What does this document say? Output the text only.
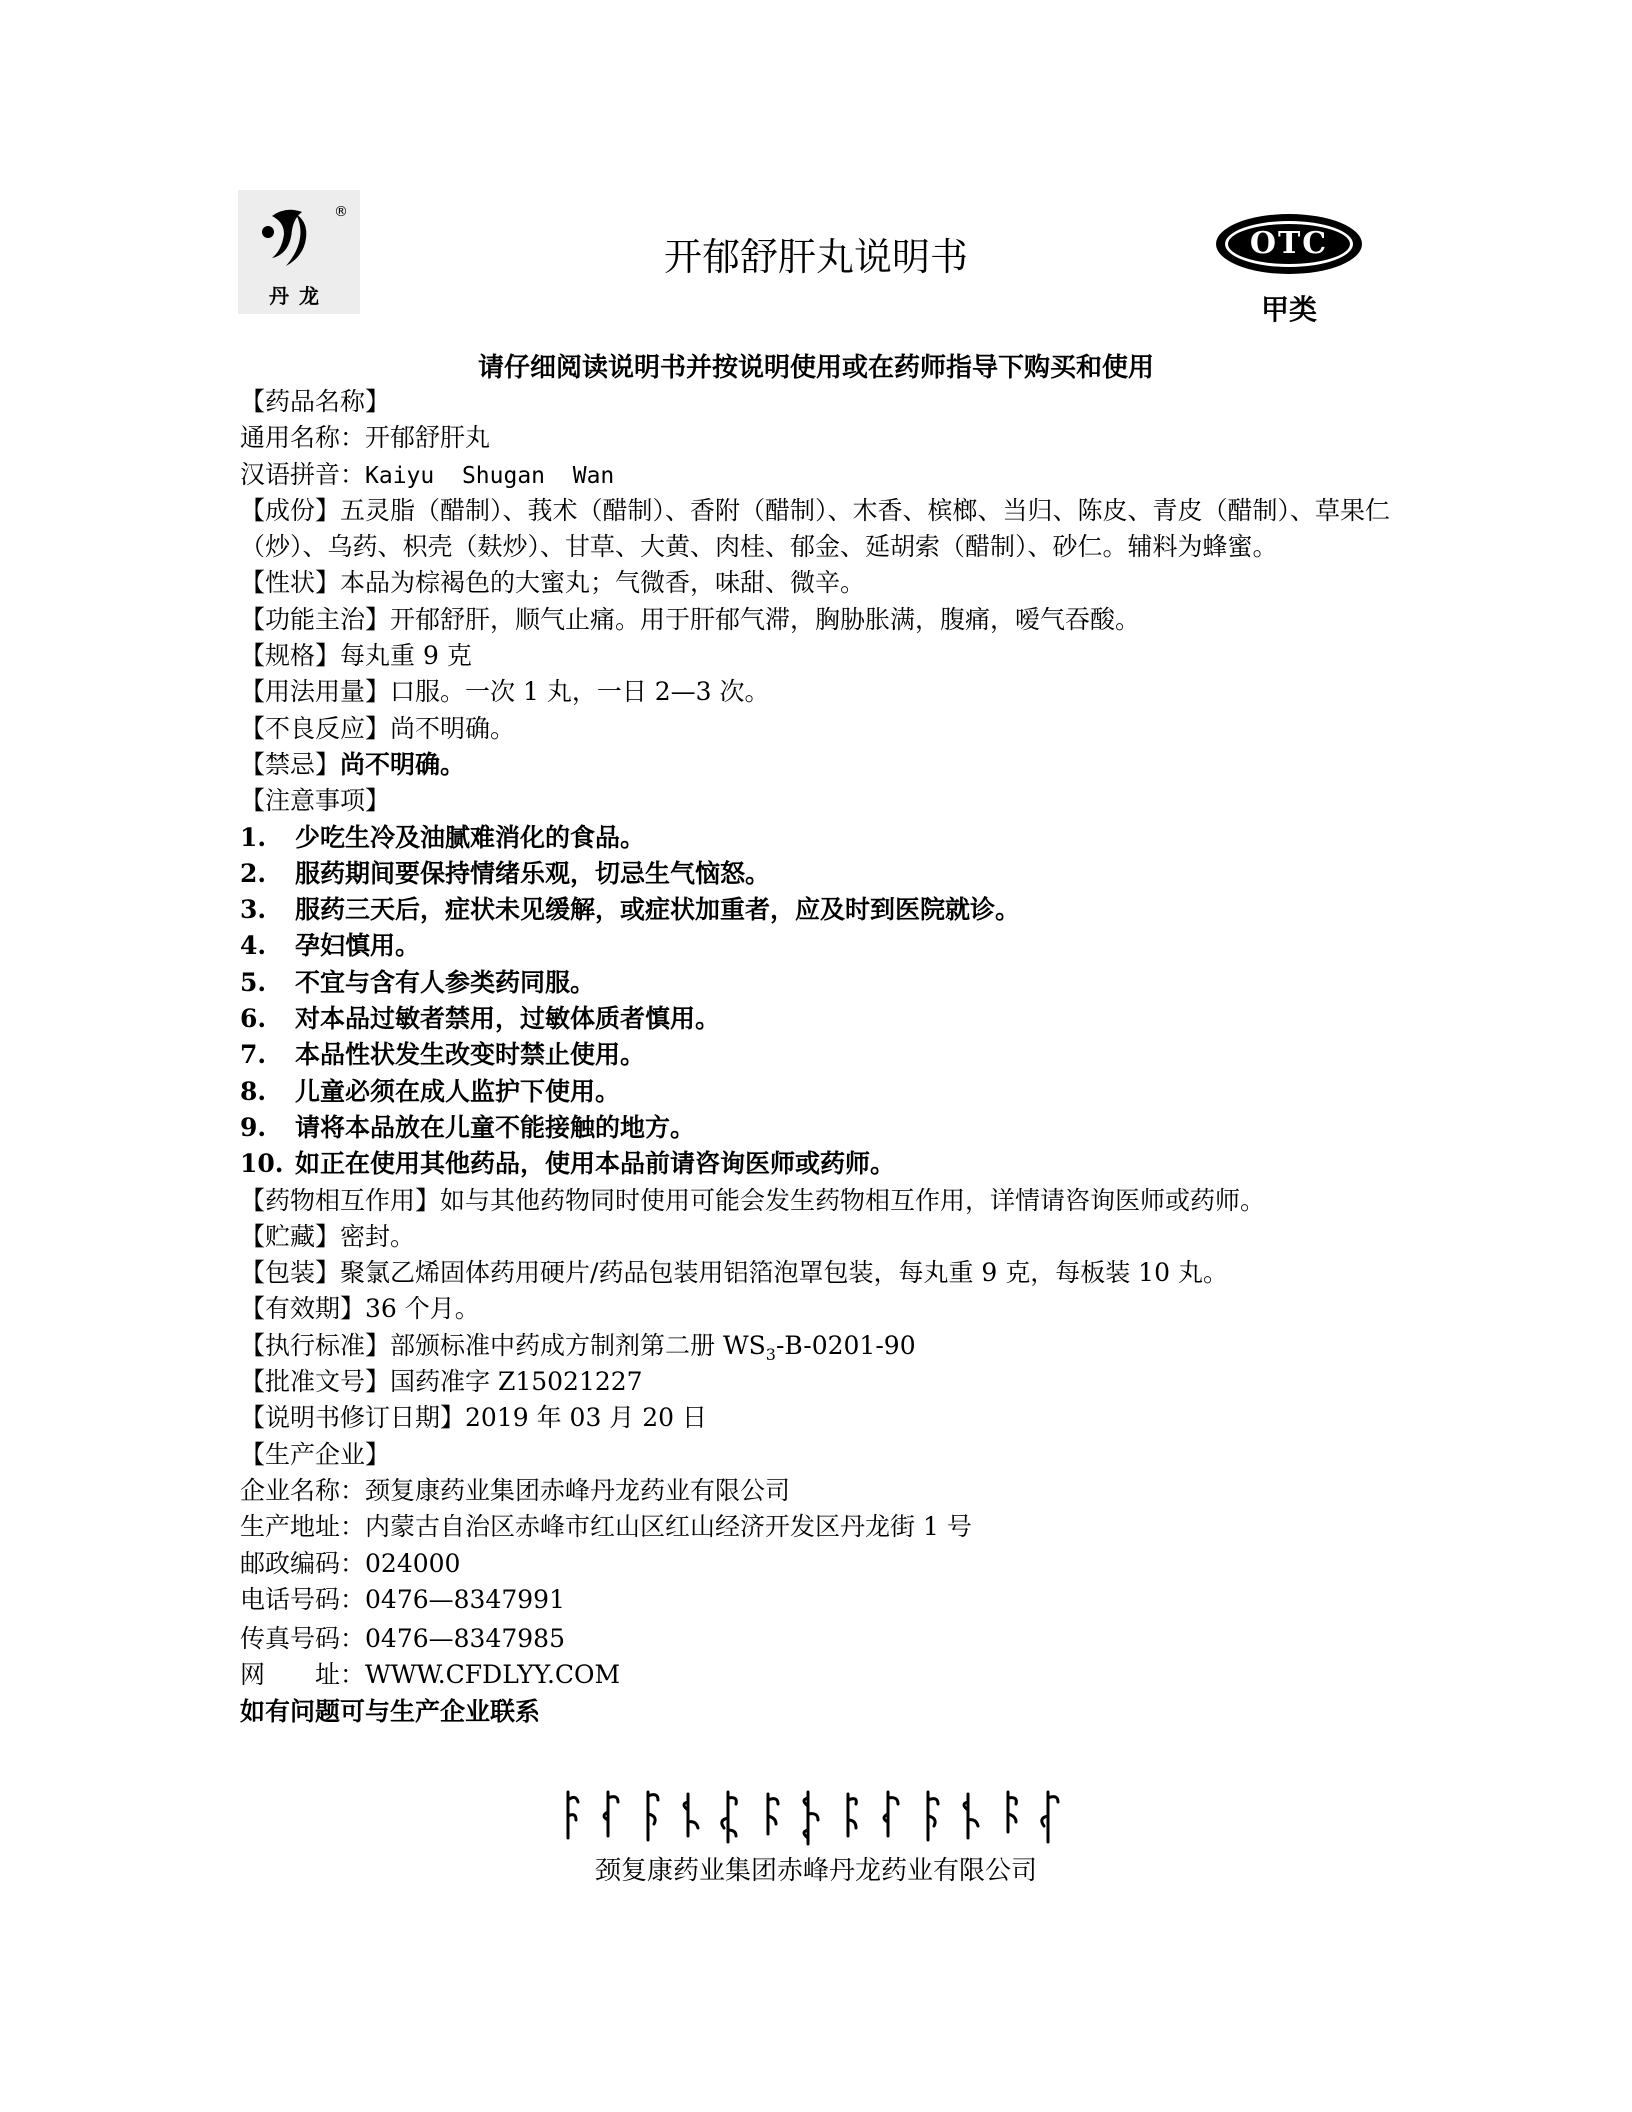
®
丹龙
开郁舒肝丸说明书	OTC
甲类
请仔细阅读说明书并按说明使用或在药师指导下购买和使用
【药品名称】
通用名称：开郁舒肝丸
汉语拼音：Kaiyu  Shugan  Wan
【成份】五灵脂（醋制）、莪术（醋制）、香附（醋制）、木香、槟榔、当归、陈皮、青皮（醋制）、草果仁（炒）、乌药、枳壳（麸炒）、甘草、大黄、肉桂、郁金、延胡索（醋制）、砂仁。辅料为蜂蜜。
【性状】本品为棕褐色的大蜜丸；气微香，味甜、微辛。
【功能主治】开郁舒肝，顺气止痛。用于肝郁气滞，胸胁胀满，腹痛，嗳气吞酸。
【规格】每丸重 9 克
【用法用量】口服。一次 1 丸，一日 2—3 次。
【不良反应】尚不明确。
【禁忌】尚不明确。
【注意事项】
1. 少吃生冷及油腻难消化的食品。
2. 服药期间要保持情绪乐观，切忌生气恼怒。
3. 服药三天后，症状未见缓解，或症状加重者，应及时到医院就诊。
4. 孕妇慎用。
5. 不宜与含有人参类药同服。
6. 对本品过敏者禁用，过敏体质者慎用。
7. 本品性状发生改变时禁止使用。
8. 儿童必须在成人监护下使用。
9. 请将本品放在儿童不能接触的地方。
10. 如正在使用其他药品，使用本品前请咨询医师或药师。
【药物相互作用】如与其他药物同时使用可能会发生药物相互作用，详情请咨询医师或药师。
【贮藏】密封。
【包装】聚氯乙烯固体药用硬片/药品包装用铝箔泡罩包装，每丸重 9 克，每板装 10 丸。
【有效期】36 个月。
【执行标准】部颁标准中药成方制剂第二册 $WS_3-B-0201-90$
【批准文号】国药准字 Z15021227
【说明书修订日期】2019 年 03 月 20 日
【生产企业】
企业名称：颈复康药业集团赤峰丹龙药业有限公司
生产地址：内蒙古自治区赤峰市红山区红山经济开发区丹龙街 1 号
邮政编码：024000
电话号码：0476—8347991
传真号码：0476—8347985
网　　址：WWW.CFDLYY.COM
如有问题可与生产企业联系
颈复康药业集团赤峰丹龙药业有限公司
